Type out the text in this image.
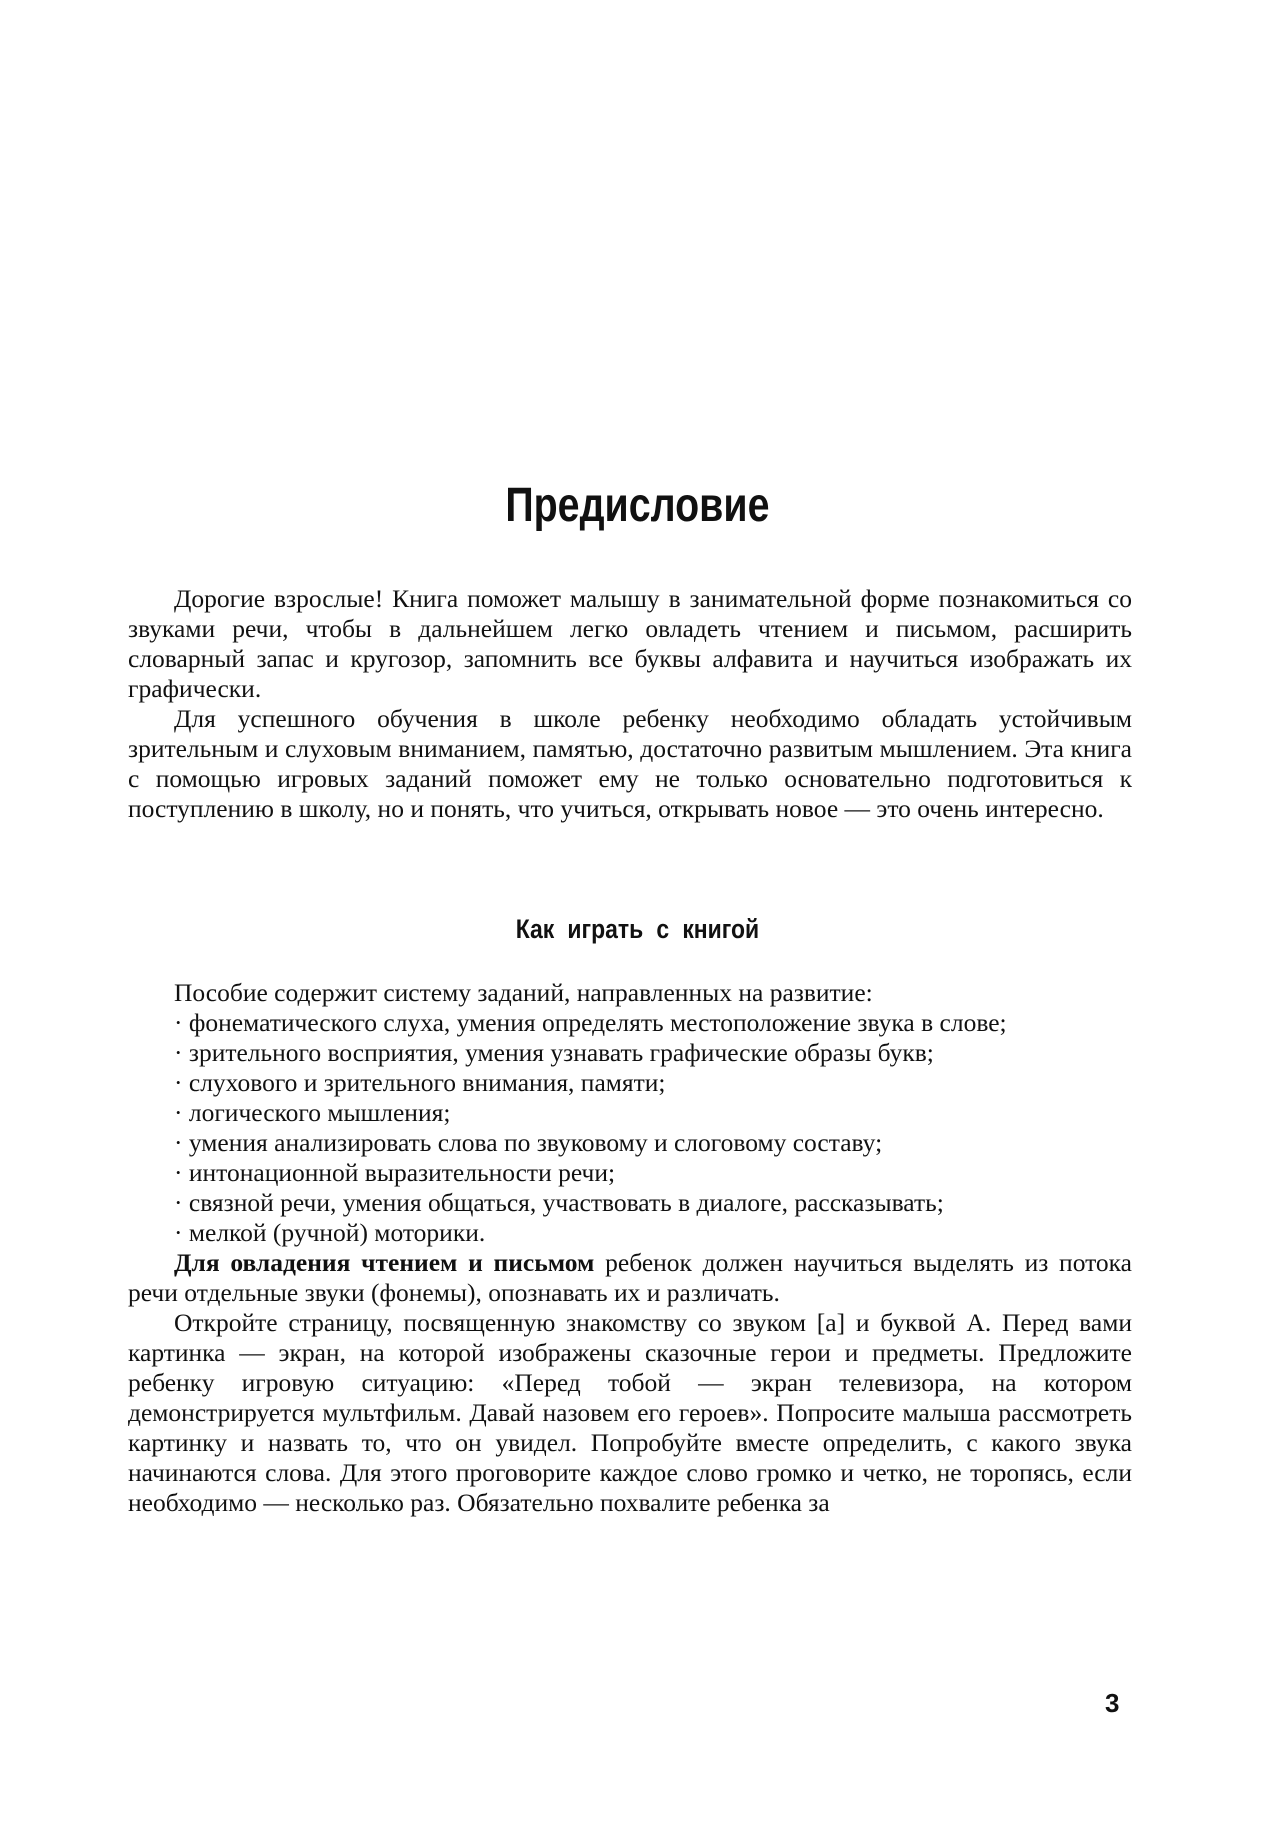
Предисловие

Дорогие взрослые! Книга поможет малышу в занимательной форме познакомиться со звуками речи, чтобы в дальнейшем легко овладеть чтением и письмом, расширить словарный запас и кругозор, запомнить все буквы алфавита и научиться изображать их графически.

Для успешного обучения в школе ребенку необходимо обладать устойчивым зрительным и слуховым вниманием, памятью, достаточно развитым мышлением. Эта книга с помощью игровых заданий поможет ему не только основательно подготовиться к поступлению в школу, но и понять, что учиться, открывать новое — это очень интересно.

Как играть с книгой

Пособие содержит систему заданий, направленных на развитие:

· фонематического слуха, умения определять местоположение звука в слове;

· зрительного восприятия, умения узнавать графические образы букв;

· слухового и зрительного внимания, памяти;

· логического мышления;

· умения анализировать слова по звуковому и слоговому составу;

· интонационной выразительности речи;

· связной речи, умения общаться, участвовать в диалоге, рассказывать;

· мелкой (ручной) моторики.

Для овладения чтением и письмом ребенок должен научиться выделять из потока речи отдельные звуки (фонемы), опознавать их и различать.

Откройте страницу, посвященную знакомству со звуком [а] и буквой А. Перед вами картинка — экран, на которой изображены сказочные герои и предметы. Предложите ребенку игровую ситуацию: «Перед тобой — экран телевизора, на котором демонстрируется мультфильм. Давай назовем его героев». Попросите малыша рассмотреть картинку и назвать то, что он увидел. Попробуйте вместе определить, с какого звука начинаются слова. Для этого проговорите каждое слово громко и четко, не торопясь, если необходимо — несколько раз. Обязательно похвалите ребенка за

3
